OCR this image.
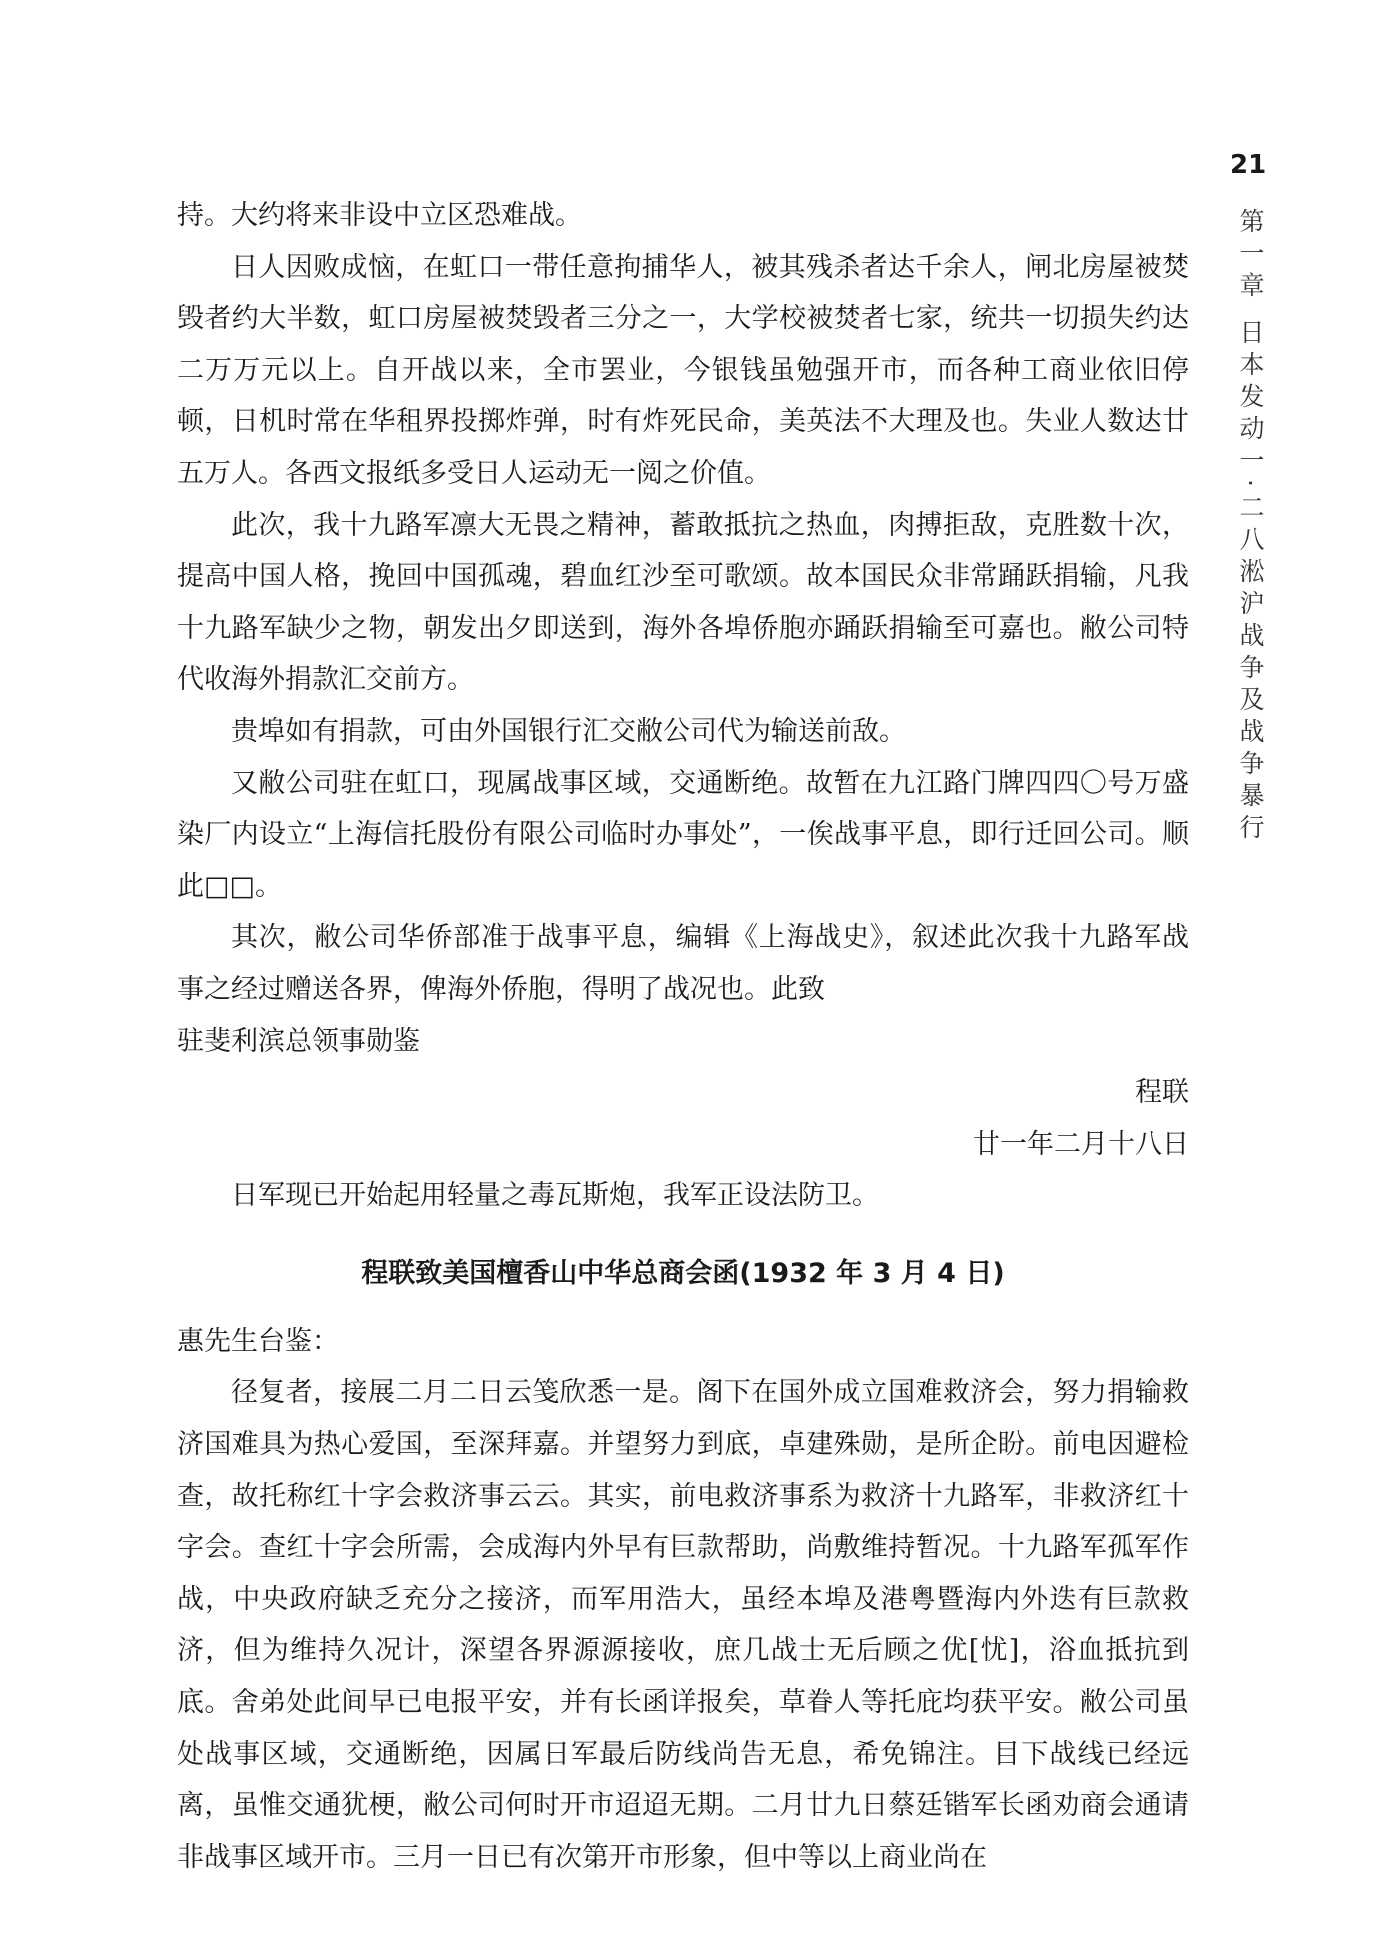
21
第一章 日本发动一·二八淞沪战争及战争暴行

持。大约将来非设中立区恐难战。

日人因败成恼，在虹口一带任意拘捕华人，被其残杀者达千余人，闸北房屋被焚毁者约大半数，虹口房屋被焚毁者三分之一，大学校被焚者七家，统共一切损失约达二万万元以上。自开战以来，全市罢业，今银钱虽勉强开市，而各种工商业依旧停顿，日机时常在华租界投掷炸弹，时有炸死民命，美英法不大理及也。失业人数达廿五万人。各西文报纸多受日人运动无一阅之价值。

此次，我十九路军凛大无畏之精神，蓄敢抵抗之热血，肉搏拒敌，克胜数十次，提高中国人格，挽回中国孤魂，碧血红沙至可歌颂。故本国民众非常踊跃捐输，凡我十九路军缺少之物，朝发出夕即送到，海外各埠侨胞亦踊跃捐输至可嘉也。敝公司特代收海外捐款汇交前方。

贵埠如有捐款，可由外国银行汇交敝公司代为输送前敌。

又敝公司驻在虹口，现属战事区域，交通断绝。故暂在九江路门牌四四〇号万盛染厂内设立“上海信托股份有限公司临时办事处”，一俟战事平息，即行迁回公司。顺此□□。

其次，敝公司华侨部准于战事平息，编辑《上海战史》，叙述此次我十九路军战事之经过赠送各界，俾海外侨胞，得明了战况也。此致

驻斐利滨总领事勋鉴

程联

廿一年二月十八日

日军现已开始起用轻量之毒瓦斯炮，我军正设法防卫。

程联致美国檀香山中华总商会函(1932 年 3 月 4 日)

惠先生台鉴：

径复者，接展二月二日云笺欣悉一是。阁下在国外成立国难救济会，努力捐输救济国难具为热心爱国，至深拜嘉。并望努力到底，卓建殊勋，是所企盼。前电因避检查，故托称红十字会救济事云云。其实，前电救济事系为救济十九路军，非救济红十字会。查红十字会所需，会成海内外早有巨款帮助，尚敷维持暂况。十九路军孤军作战，中央政府缺乏充分之接济，而军用浩大，虽经本埠及港粤暨海内外迭有巨款救济，但为维持久况计，深望各界源源接收，庶几战士无后顾之优[忧]，浴血抵抗到底。舍弟处此间早已电报平安，并有长函详报矣，草眷人等托庇均获平安。敝公司虽处战事区域，交通断绝，因属日军最后防线尚告无息，希免锦注。目下战线已经远离，虽惟交通犹梗，敝公司何时开市迢迢无期。二月廿九日蔡廷锴军长函劝商会通请非战事区域开市。三月一日已有次第开市形象，但中等以上商业尚在
